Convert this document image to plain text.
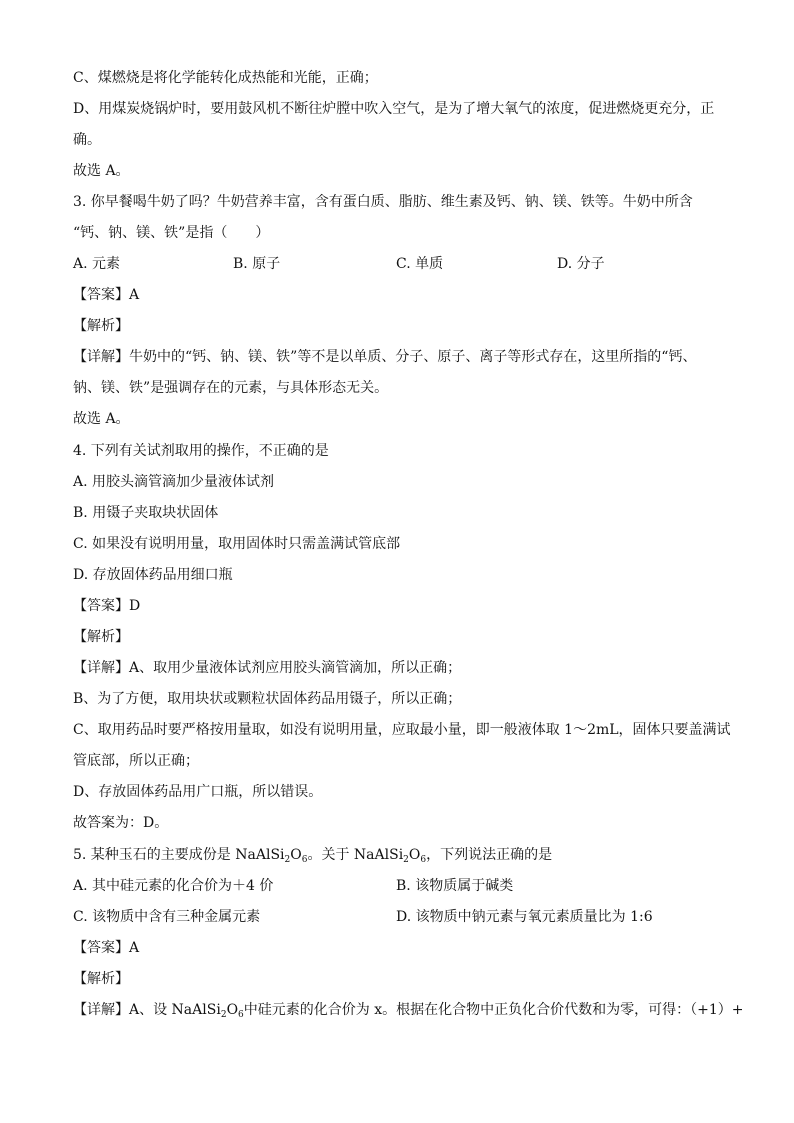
C、煤燃烧是将化学能转化成热能和光能，正确；
D、用煤炭烧锅炉时，要用鼓风机不断往炉膛中吹入空气，是为了增大氧气的浓度，促进燃烧更充分，正
确。
故选 A。
3. 你早餐喝牛奶了吗？牛奶营养丰富，含有蛋白质、脂肪、维生素及钙、钠、镁、铁等。牛奶中所含
“钙、钠、镁、铁”是指（　　）
A. 元素	B. 原子	C. 单质	D. 分子
【答案】A
【解析】
【详解】牛奶中的“钙、钠、镁、铁”等不是以单质、分子、原子、离子等形式存在，这里所指的“钙、
钠、镁、铁”是强调存在的元素，与具体形态无关。
故选 A。
4. 下列有关试剂取用的操作，不正确的是
A. 用胶头滴管滴加少量液体试剂
B. 用镊子夹取块状固体
C. 如果没有说明用量，取用固体时只需盖满试管底部
D. 存放固体药品用细口瓶
【答案】D
【解析】
【详解】A、取用少量液体试剂应用胶头滴管滴加，所以正确；
B、为了方便，取用块状或颗粒状固体药品用镊子，所以正确；
C、取用药品时要严格按用量取，如没有说明用量，应取最小量，即一般液体取 1～2mL，固体只要盖满试
管底部，所以正确；
D、存放固体药品用广口瓶，所以错误。
故答案为：D。
5. 某种玉石的主要成份是 $NaAlSi_2O_6$。关于 $NaAlSi_2O_6$，下列说法正确的是
A. 其中硅元素的化合价为＋4 价	B. 该物质属于碱类
C. 该物质中含有三种金属元素	D. 该物质中钠元素与氧元素质量比为 1:6
【答案】A
【解析】
【详解】A、设 $NaAlSi_2O_6$中硅元素的化合价为 x。根据在化合物中正负化合价代数和为零，可得：（+1）+
